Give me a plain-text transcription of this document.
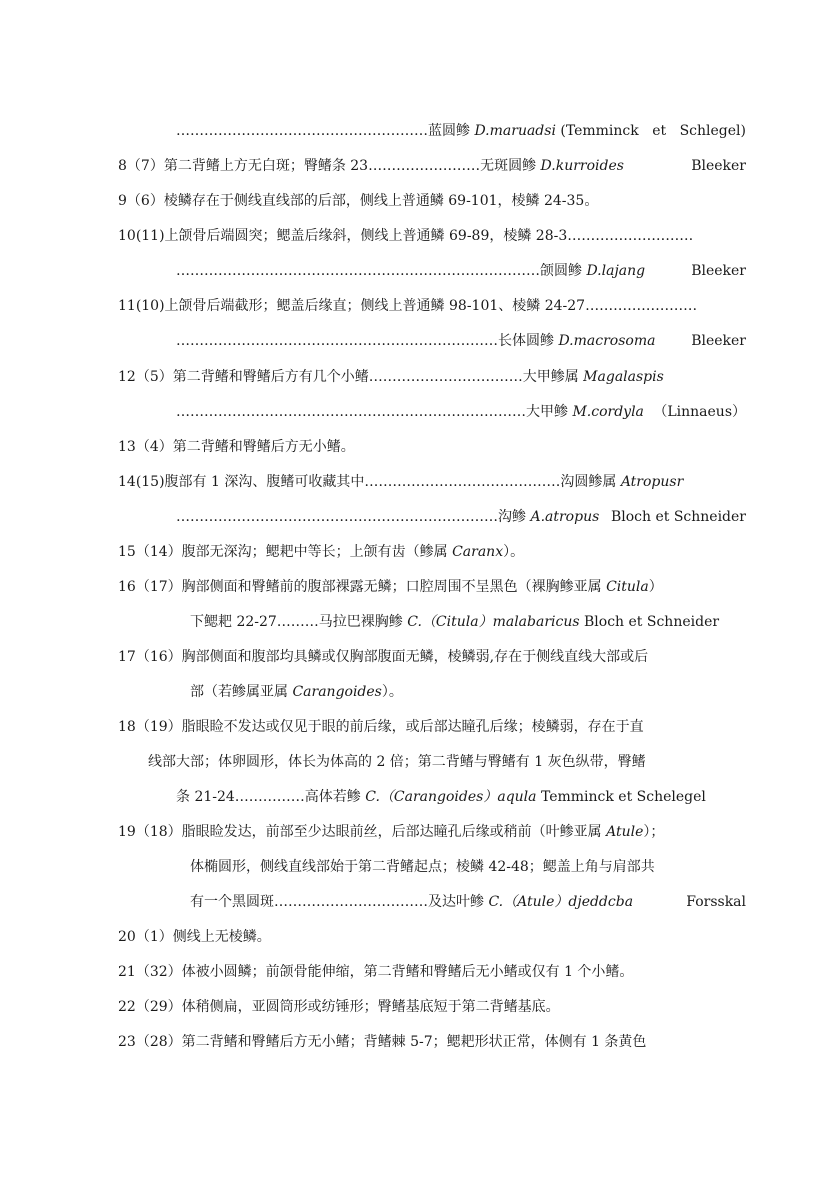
………………………………………………蓝圆鲹 D.maruadsi (Temminck et Schlegel)
8（7）第二背鳍上方无白斑；臀鳍条 23……………………无斑圆鲹 D.kurroides	Bleeker
9（6）棱鳞存在于侧线直线部的后部，侧线上普通鳞 69-101，棱鳞 24-35。
10(11)上颌骨后端圆突；鳃盖后缘斜，侧线上普通鳞 69-89，棱鳞 28-3………………………
……………………………………………………………………颌圆鲹 D.lajang	Bleeker
11(10)上颌骨后端截形；鳃盖后缘直；侧线上普通鳞 98-101、棱鳞 24-27……………………
……………………………………………………………长体圆鲹 D.macrosoma	Bleeker
12（5）第二背鳍和臀鳍后方有几个小鳍……………………………大甲鲹属 Magalaspis
…………………………………………………………………大甲鲹 M.cordyla （Linnaeus）
13（4）第二背鳍和臀鳍后方无小鳍。
14(15)腹部有 1 深沟、腹鳍可收藏其中……………………………………沟圆鲹属 Atropusr
……………………………………………………………沟鲹 A.atropus Bloch et Schneider
15（14）腹部无深沟；鳃耙中等长；上颌有齿（鲹属 Caranx）。
16（17）胸部侧面和臀鳍前的腹部裸露无鳞；口腔周围不呈黑色（裸胸鲹亚属 Citula）
下鳃耙 22-27………马拉巴裸胸鲹 C.（Citula）malabaricus Bloch et Schneider
17（16）胸部侧面和腹部均具鳞或仅胸部腹面无鳞，棱鳞弱,存在于侧线直线大部或后
部（若鲹属亚属 Carangoides）。
18（19）脂眼睑不发达或仅见于眼的前后缘，或后部达瞳孔后缘；棱鳞弱，存在于直
线部大部；体卵圆形，体长为体高的 2 倍；第二背鳍与臀鳍有 1 灰色纵带，臀鳍
条 21-24……………高体若鲹 C.（Carangoides）aqula Temminck et Schelegel
19（18）脂眼睑发达，前部至少达眼前丝，后部达瞳孔后缘或稍前（叶鲹亚属 Atule）；
体椭圆形，侧线直线部始于第二背鳍起点；棱鳞 42-48；鳃盖上角与肩部共
有一个黑圆斑……………………………及达叶鲹 C.（Atule）djeddcba	Forsskal
20（1）侧线上无棱鳞。
21（32）体被小圆鳞；前颌骨能伸缩，第二背鳍和臀鳍后无小鳍或仅有 1 个小鳍。
22（29）体稍侧扁，亚圆筒形或纺锤形；臀鳍基底短于第二背鳍基底。
23（28）第二背鳍和臀鳍后方无小鳍；背鳍棘 5-7；鳃耙形状正常，体侧有 1 条黄色
